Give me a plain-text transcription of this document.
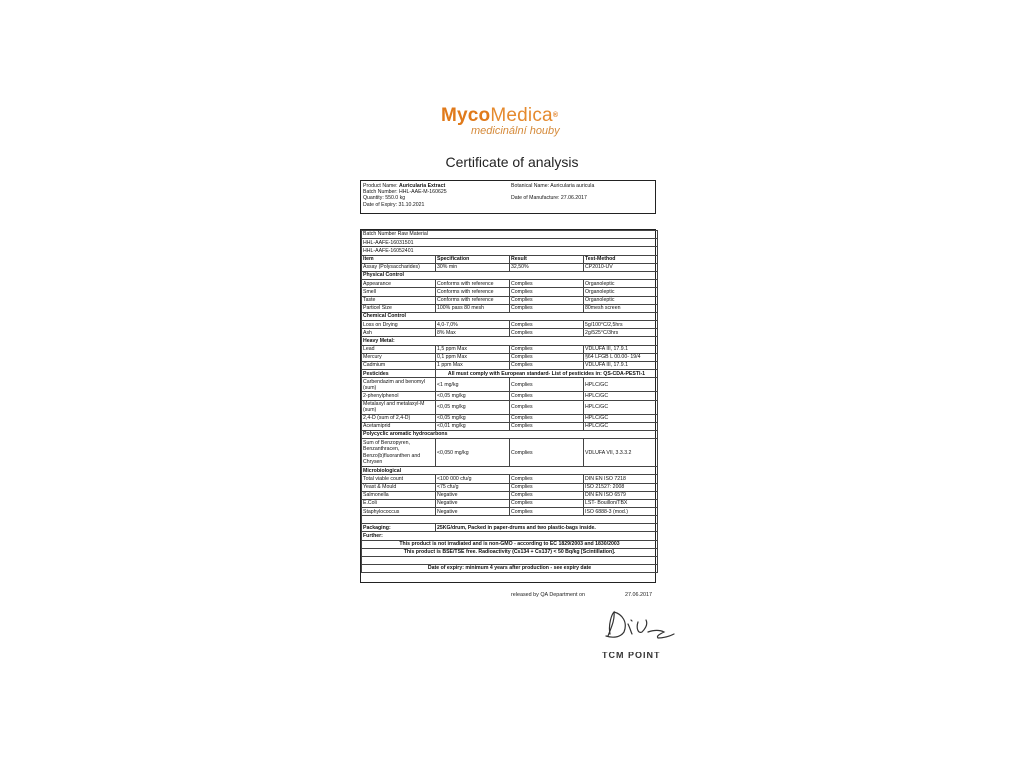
MycoMedica®
medicinální houby
Certificate of analysis
Product Name: Auricularia Extract	Botanical Name: Auricularia auricula
Batch Number: HHL-AAE-M-160625
Quantity: 550.0 kg	Date of Manufacture: 27.06.2017
Date of Expiry: 31.10.2021
Batch Number Raw Material			
HHL-AAFE-16031501			
HHL-AAFE-16052401			
Item	Specification	Result	Test-Method
Assay (Polysaccharides)	30% min	32,50%	CP2010-UV
Physical Control			
Appearance	Conforms with reference	Complies	Organoleptic
Smell	Conforms with reference	Complies	Organoleptic
Taste	Conforms with reference	Complies	Organoleptic
Particel Size	100% pass 80 mesh	Complies	80mesh screen
Chemical Control			
Loss on Drying	4,0-7,0%	Complies	5g/100°C/2,5hrs
Ash	8% Max	Complies	2g/525°C/3hrs
Heavy Metal:			
Lead	1,5 ppm Max	Complies	VDLUFA III, 17.9.1
Mercury	0,1 ppm Max	Complies	§64 LFGB L 00.00- 19/4
Cadmium	1 ppm Max	Complies	VDLUFA III, 17.9.1
Pesticides	All must comply with European standard- List of pesticides in: QS-CDA-PESTI-1		
Carbendazim and benomyl (sum)	<1 mg/kg	Complies	HPLC/GC
2-phenylphenol	<0,05 mg/kg	Complies	HPLC/GC
Metalaxyl and metalaxyl-M (sum)	<0,05 mg/kg	Complies	HPLC/GC
2,4-D (sum of 2,4-D)	<0,05 mg/kg	Complies	HPLC/GC
Acetamiprid	<0,01 mg/kg	Complies	HPLC/GC
Polycyclic aromatic hydrocarbons			
Sum of Benzopyren, Benzanthracen, Benzo(b)fluoranthen and Chrysen	<0,050 mg/kg	Complies	VDLUFA VII, 3.3.3.2
Microbiological			
Total viable count	<100 000 cfu/g	Complies	DIN EN ISO 7218
Yeast & Mould	<75 cfu/g	Complies	ISO 21527: 2008
Salmonella	Negative	Complies	DIN EN ISO 6579
E.Coli	Negative	Complies	LST- Bouillon/TBX
Staphylococcus	Negative	Complies	ISO 6888-3 (mod.)

Packaging:	25KG/drum, Packed in paper-drums and two plastic-bags inside.		
Further:			
This product is not irradiated and is non-GMO - according to EC 1829/2003 and 1830/2003			
This product is BSE/TSE free. Radioactivity (Cs134 + Cs137) < 50 Bq/kg [Scintillation].			

Date of expiry: minimum 4 years after production - see expiry date			
released by QA Department on	27.06.2017
TCM POINT
